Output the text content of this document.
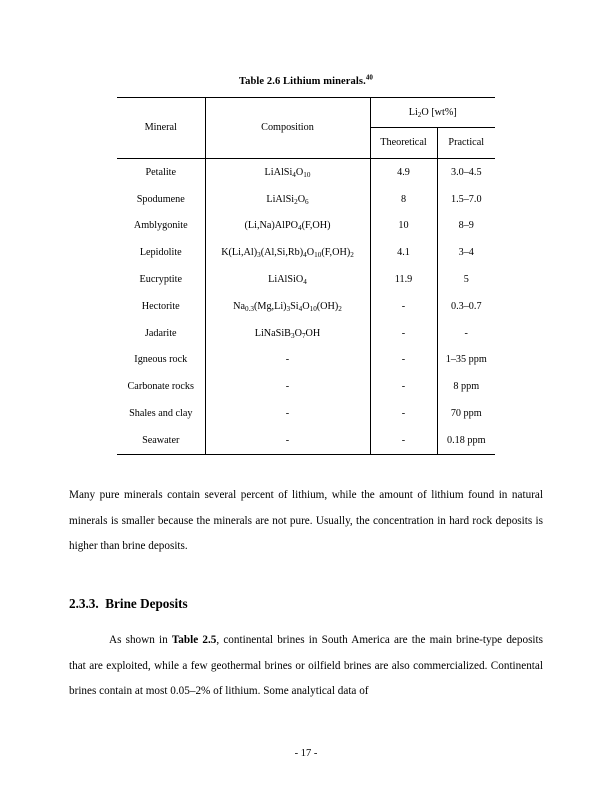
Table 2.6 Lithium minerals.$^{40}$
Mineral	Composition	$Li_2O$ [wt%]	
		Theoretical	Practical
Petalite	$LiAlSi_4O_{10}$	4.9	3.0–4.5
Spodumene	$LiAlSi_2O_6$	8	1.5–7.0
Amblygonite	(Li,Na)AlPO$_4$(F,OH)	10	8–9
Lepidolite	$K(Li,Al)_3(Al,Si,Rb)_4O_{10}(F,OH)_2$	4.1	3–4
Eucryptite	LiAlSiO$_4$	11.9	5
Hectorite	$Na_{0.3}(Mg,Li)_3Si_4O_{10}(OH)_2$	-	0.3–0.7
Jadarite	$LiNaSiB_3O_7OH$	-	-
Igneous rock	-	-	1–35 ppm
Carbonate rocks	-	-	8 ppm
Shales and clay	-	-	70 ppm
Seawater	-	-	0.18 ppm
Many pure minerals contain several percent of lithium, while the amount of lithium found in natural minerals is smaller because the minerals are not pure. Usually, the concentration in hard rock deposits is higher than brine deposits.
2.3.3. Brine Deposits
As shown in Table 2.5, continental brines in South America are the main brine-type deposits that are exploited, while a few geothermal brines or oilfield brines are also commercialized. Continental brines contain at most 0.05–2% of lithium. Some analytical data of
- 17 -
